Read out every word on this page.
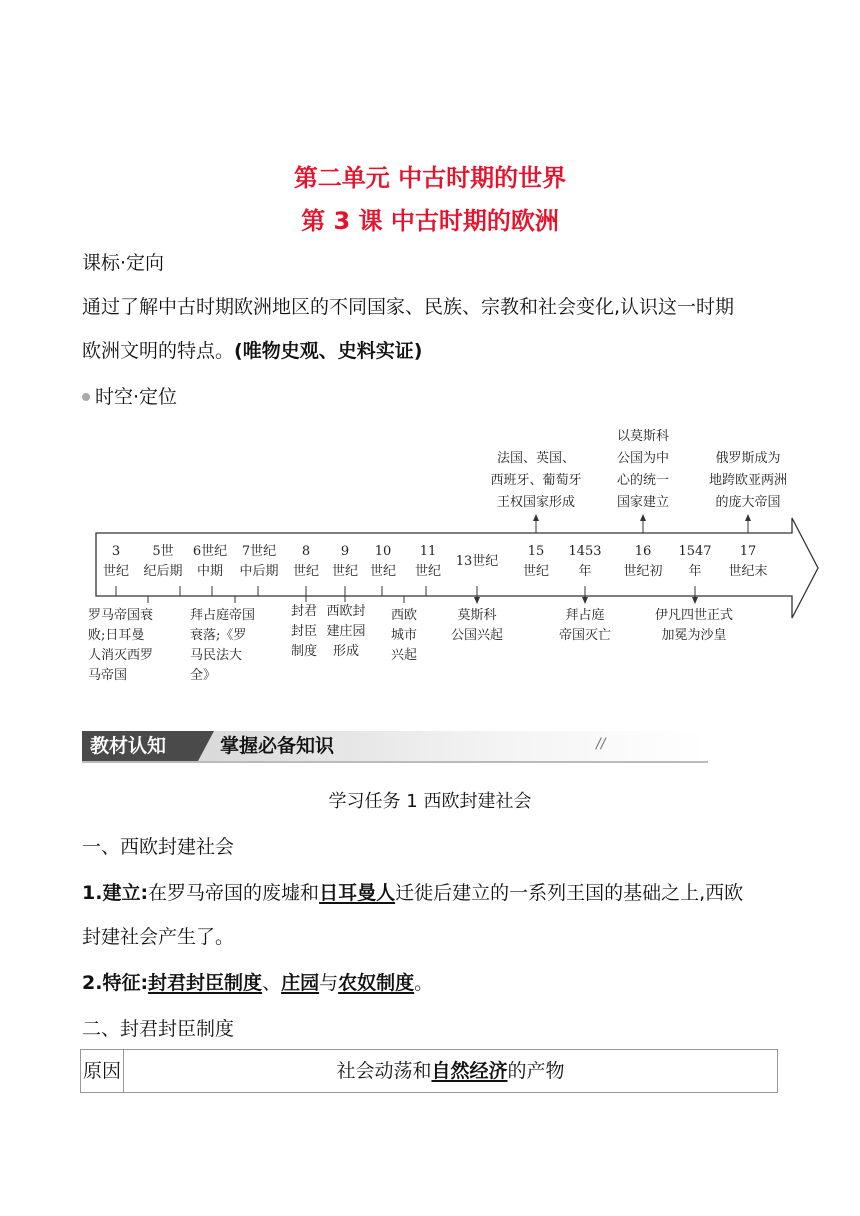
第二单元 中古时期的世界
第 3 课 中古时期的欧洲
课标·定向
通过了解中古时期欧洲地区的不同国家、民族、宗教和社会变化,认识这一时期
欧洲文明的特点。(唯物史观、史料实证)
时空·定位
3
世纪
5世
纪后期
6世纪
中期
7世纪
中后期
8
世纪
9
世纪
10
世纪
11
世纪
13世纪
15
世纪
1453
年
16
世纪初
1547
年
17
世纪末
法国、英国、
西班牙、葡萄牙
王权国家形成
以莫斯科
公国为中
心的统一
国家建立
俄罗斯成为
地跨欧亚两洲
的庞大帝国
罗马帝国衰
败;日耳曼
人消灭西罗
马帝国
拜占庭帝国
衰落;《罗
马民法大
全》
封君
封臣
制度
西欧封
建庄园
形成
西欧
城市
兴起
莫斯科
公国兴起
拜占庭
帝国灭亡
伊凡四世正式
加冕为沙皇
教材认知	掌握必备知识	//
学习任务 1 西欧封建社会
一、西欧封建社会
1.建立:在罗马帝国的废墟和日耳曼人迁徙后建立的一系列王国的基础之上,西欧
封建社会产生了。
2.特征:封君封臣制度、庄园与农奴制度。
二、封君封臣制度
原因	社会动荡和自然经济的产物
